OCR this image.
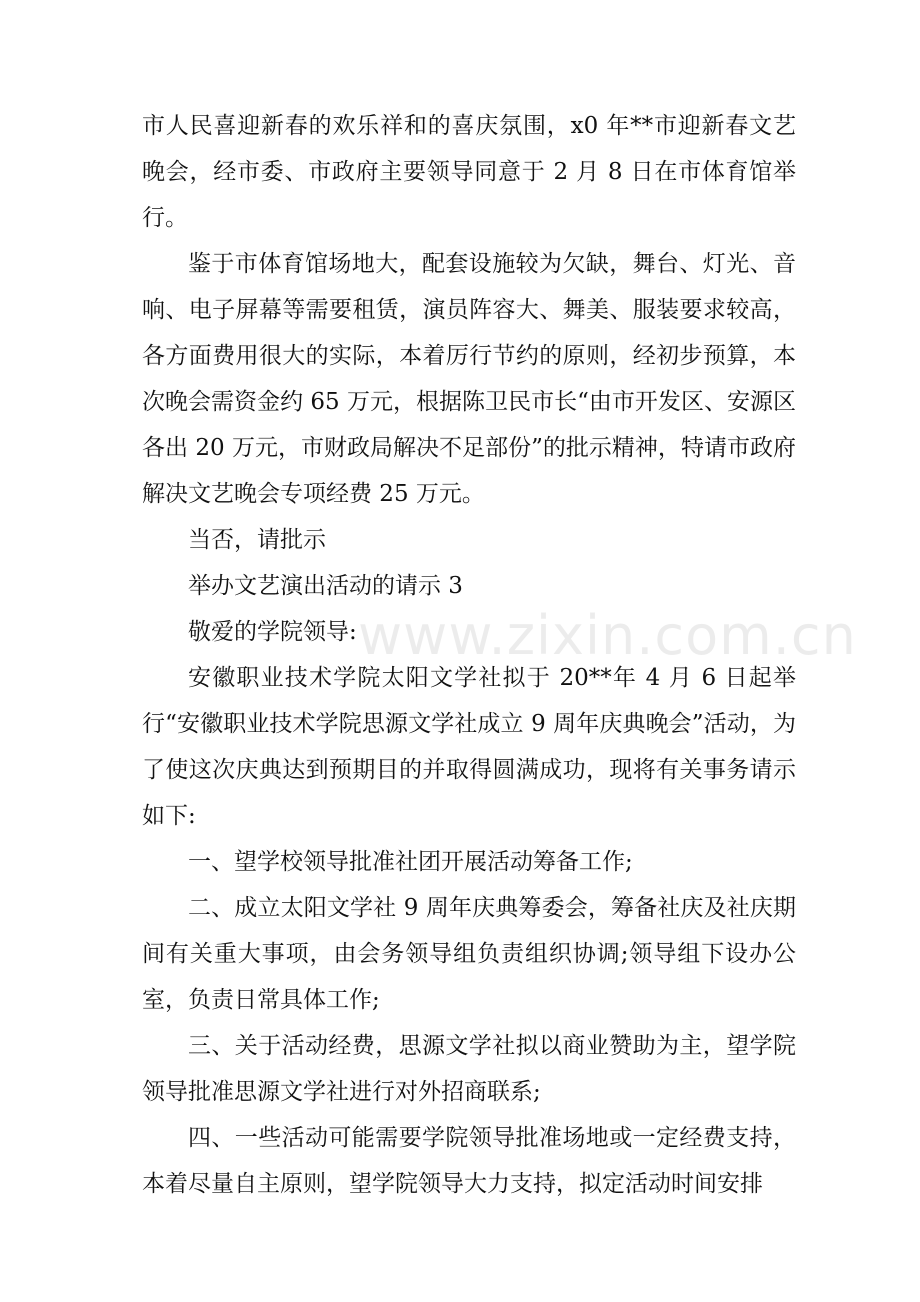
市人民喜迎新春的欢乐祥和的喜庆氛围，x0 年**市迎新春文艺晚会，经市委、市政府主要领导同意于 2 月 8 日在市体育馆举行。

鉴于市体育馆场地大，配套设施较为欠缺，舞台、灯光、音响、电子屏幕等需要租赁，演员阵容大、舞美、服装要求较高，各方面费用很大的实际，本着厉行节约的原则，经初步预算，本次晚会需资金约 65 万元，根据陈卫民市长“由市开发区、安源区各出 20 万元，市财政局解决不足部份”的批示精神，特请市政府解决文艺晚会专项经费 25 万元。

当否，请批示

举办文艺演出活动的请示 3

敬爱的学院领导:

安徽职业技术学院太阳文学社拟于 20**年 4 月 6 日起举行“安徽职业技术学院思源文学社成立 9 周年庆典晚会”活动，为了使这次庆典达到预期目的并取得圆满成功，现将有关事务请示如下:

一、望学校领导批准社团开展活动筹备工作;

二、成立太阳文学社 9 周年庆典筹委会，筹备社庆及社庆期间有关重大事项，由会务领导组负责组织协调;领导组下设办公室，负责日常具体工作;

三、关于活动经费，思源文学社拟以商业赞助为主，望学院领导批准思源文学社进行对外招商联系;

四、一些活动可能需要学院领导批准场地或一定经费支持，本着尽量自主原则，望学院领导大力支持，拟定活动时间安排

www.zixin.com.cn
